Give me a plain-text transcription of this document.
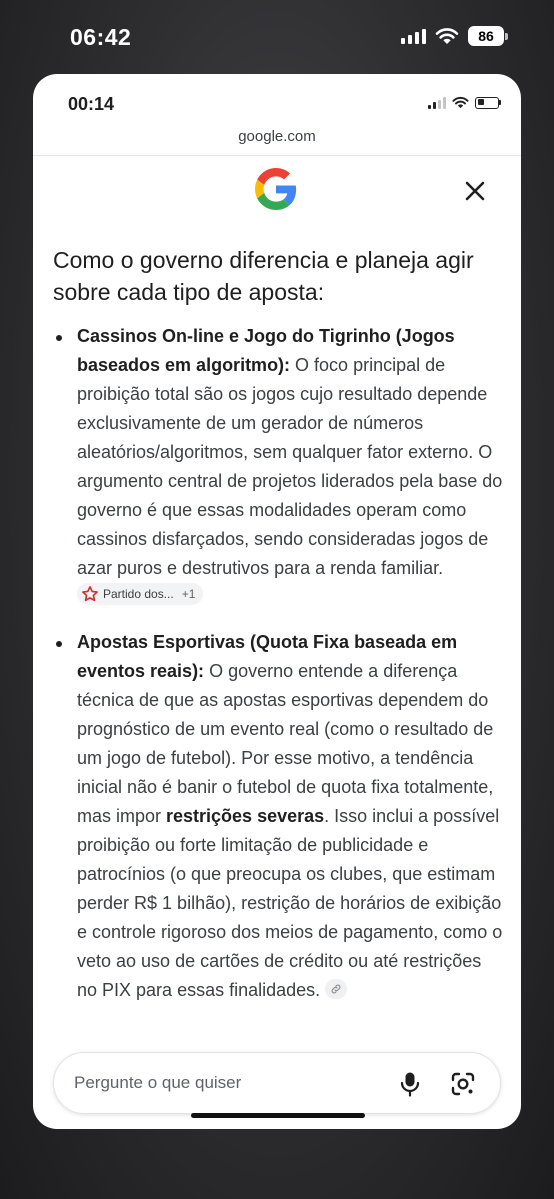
06:42	86
00:14
google.com
Como o governo diferencia e planeja agir sobre cada tipo de aposta:
Cassinos On-line e Jogo do Tigrinho (Jogos baseados em algoritmo): O foco principal de proibição total são os jogos cujo resultado depende exclusivamente de um gerador de números aleatórios/algoritmos, sem qualquer fator externo. O argumento central de projetos liderados pela base do governo é que essas modalidades operam como cassinos disfarçados, sendo consideradas jogos de azar puros e destrutivos para a renda familiar.
Partido dos... +1
Apostas Esportivas (Quota Fixa baseada em eventos reais): O governo entende a diferença técnica de que as apostas esportivas dependem do prognóstico de um evento real (como o resultado de um jogo de futebol). Por esse motivo, a tendência inicial não é banir o futebol de quota fixa totalmente, mas impor restrições severas. Isso inclui a possível proibição ou forte limitação de publicidade e patrocínios (o que preocupa os clubes, que estimam perder R$ 1 bilhão), restrição de horários de exibição e controle rigoroso dos meios de pagamento, como o veto ao uso de cartões de crédito ou até restrições no PIX para essas finalidades.
Pergunte o que quiser
